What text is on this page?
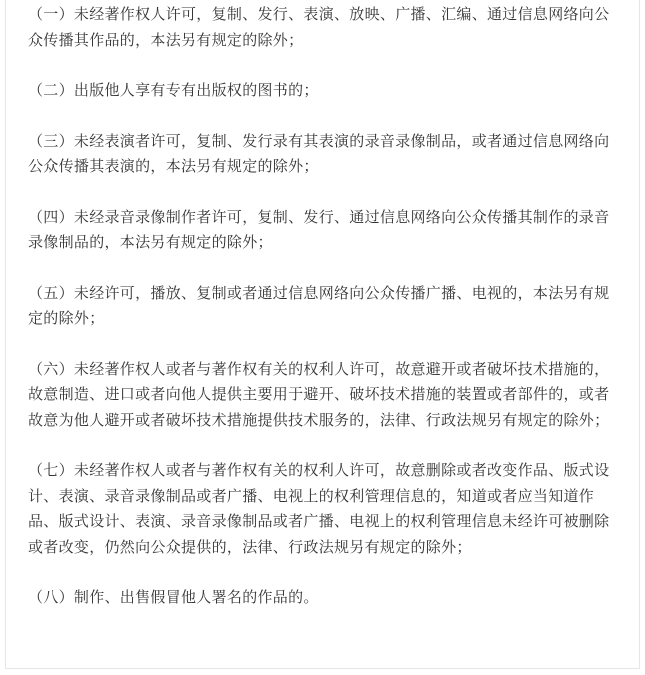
（一）未经著作权人许可，复制、发行、表演、放映、广播、汇编、通过信息网络向公众传播其作品的，本法另有规定的除外；

（二）出版他人享有专有出版权的图书的；

（三）未经表演者许可，复制、发行录有其表演的录音录像制品，或者通过信息网络向公众传播其表演的，本法另有规定的除外；

（四）未经录音录像制作者许可，复制、发行、通过信息网络向公众传播其制作的录音录像制品的，本法另有规定的除外；

（五）未经许可，播放、复制或者通过信息网络向公众传播广播、电视的，本法另有规定的除外；

（六）未经著作权人或者与著作权有关的权利人许可，故意避开或者破坏技术措施的，故意制造、进口或者向他人提供主要用于避开、破坏技术措施的装置或者部件的，或者故意为他人避开或者破坏技术措施提供技术服务的，法律、行政法规另有规定的除外；

（七）未经著作权人或者与著作权有关的权利人许可，故意删除或者改变作品、版式设计、表演、录音录像制品或者广播、电视上的权利管理信息的，知道或者应当知道作品、版式设计、表演、录音录像制品或者广播、电视上的权利管理信息未经许可被删除或者改变，仍然向公众提供的，法律、行政法规另有规定的除外；

（八）制作、出售假冒他人署名的作品的。
